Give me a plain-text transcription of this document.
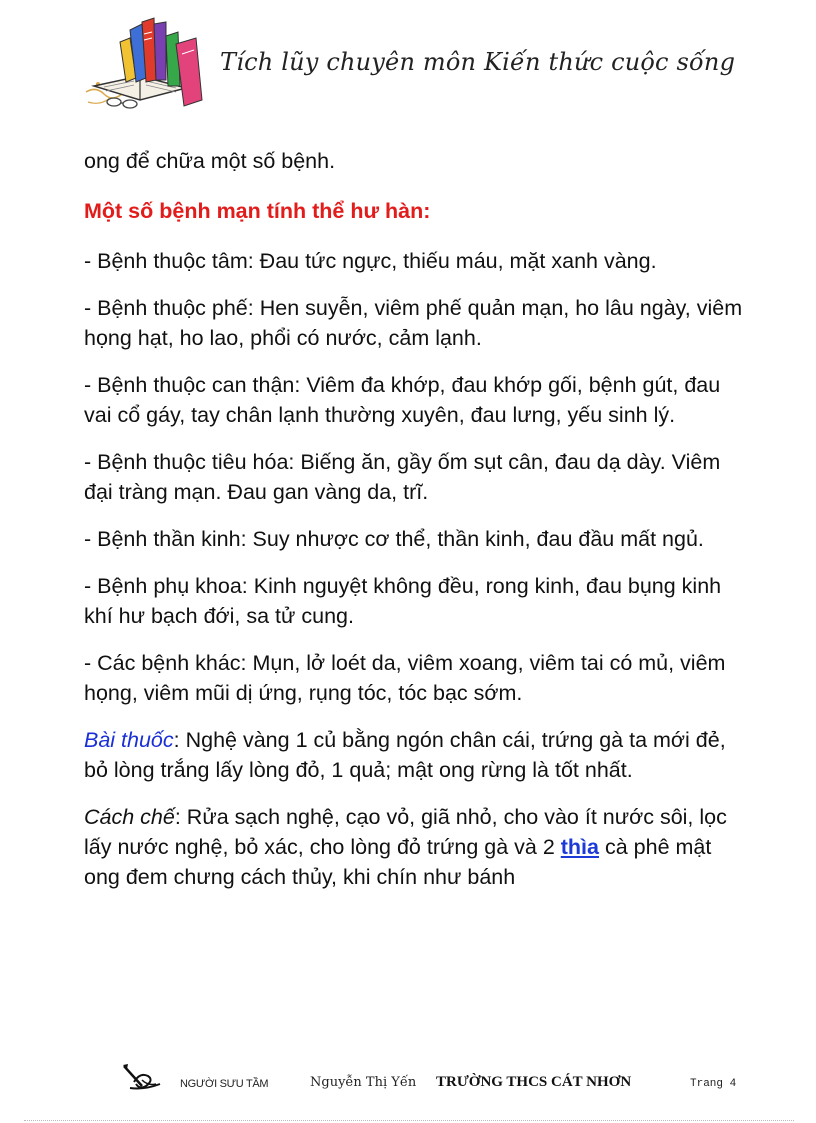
Tích lũy chuyên môn Kiến thức cuộc sống

ong để chữa một số bệnh.

Một số bệnh mạn tính thể hư hàn:

- Bệnh thuộc tâm: Đau tức ngực, thiếu máu, mặt xanh vàng.

- Bệnh thuộc phế: Hen suyễn, viêm phế quản mạn, ho lâu ngày, viêm họng hạt, ho lao, phổi có nước, cảm lạnh.

- Bệnh thuộc can thận: Viêm đa khớp, đau khớp gối, bệnh gút, đau vai cổ gáy, tay chân lạnh thường xuyên, đau lưng, yếu sinh lý.

- Bệnh thuộc tiêu hóa: Biếng ăn, gầy ốm sụt cân, đau dạ dày. Viêm đại tràng mạn. Đau gan vàng da, trĩ.

- Bệnh thần kinh: Suy nhược cơ thể, thần kinh, đau đầu mất ngủ.

- Bệnh phụ khoa: Kinh nguyệt không đều, rong kinh, đau bụng kinh khí hư bạch đới, sa tử cung.

- Các bệnh khác: Mụn, lở loét da, viêm xoang, viêm tai có mủ, viêm họng, viêm mũi dị ứng, rụng tóc, tóc bạc sớm.

Bài thuốc: Nghệ vàng 1 củ bằng ngón chân cái, trứng gà ta mới đẻ, bỏ lòng trắng lấy lòng đỏ, 1 quả; mật ong rừng là tốt nhất.

Cách chế: Rửa sạch nghệ, cạo vỏ, giã nhỏ, cho vào ít nước sôi, lọc lấy nước nghệ, bỏ xác, cho lòng đỏ trứng gà và 2 thìa cà phê mật ong đem chưng cách thủy, khi chín như bánh

NGƯỜI SƯU TẦM	Nguyễn Thị Yến TRƯỜNG THCS CÁT NHƠN	Trang 4
